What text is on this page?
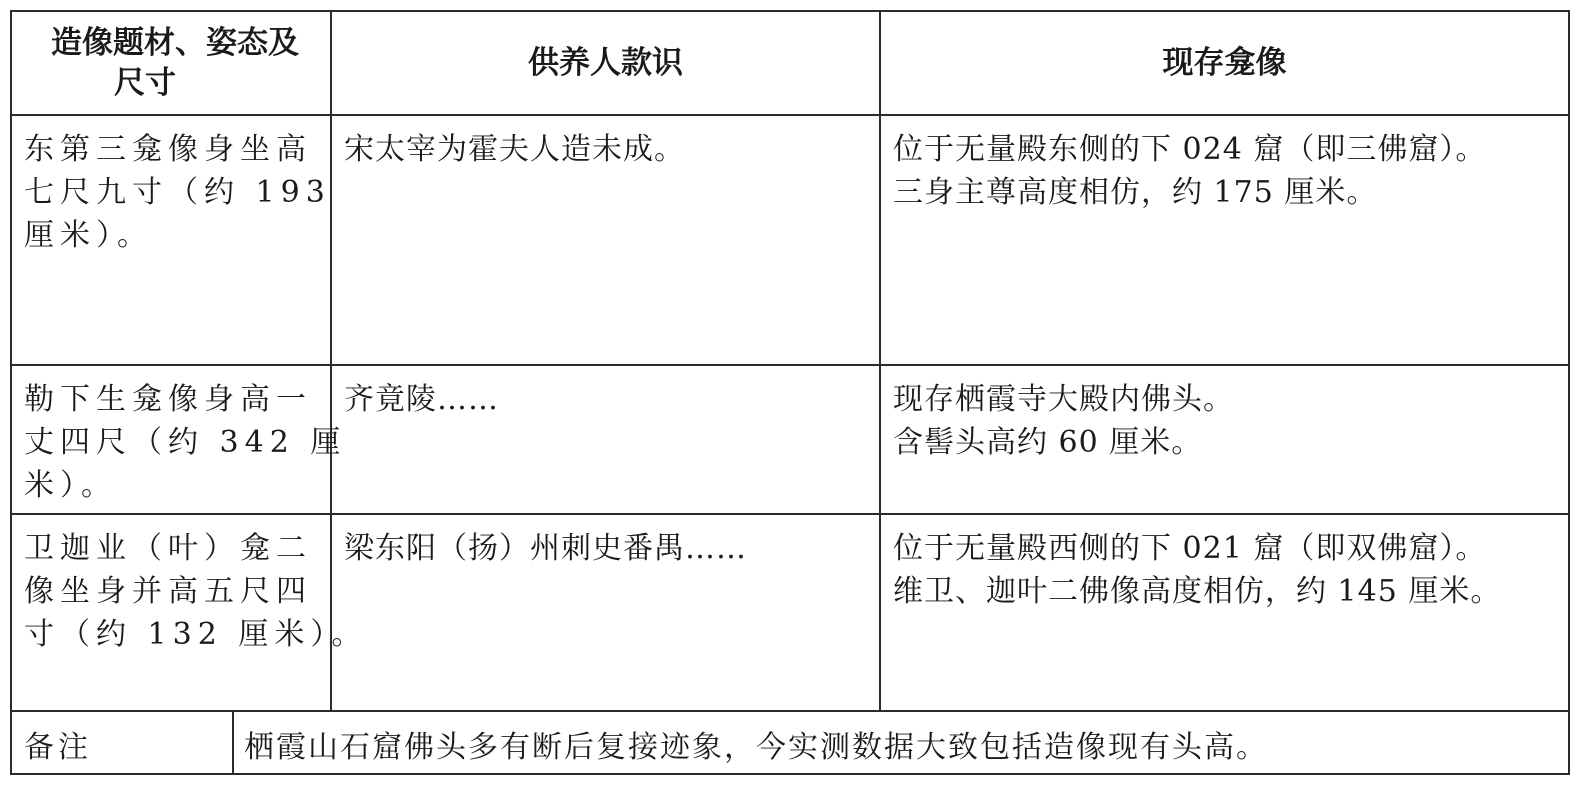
造像题材、姿态及
尺寸		供养人款识	现存龛像

东第三龛像身坐高
七尺九寸（约 193
厘米）。		宋太宰为霍夫人造未成。	位于无量殿东侧的下 024 窟（即三佛窟）。
三身主尊高度相仿，约 175 厘米。

勒下生龛像身高一
丈四尺（约 342 厘
米）。		齐竟陵……	现存栖霞寺大殿内佛头。
含髻头高约 60 厘米。

卫迦业（叶）龛二
像坐身并高五尺四
寸（约 132 厘米）。		梁东阳（扬）州刺史番禺……	位于无量殿西侧的下 021 窟（即双佛窟）。
维卫、迦叶二佛像高度相仿，约 145 厘米。

备注	栖霞山石窟佛头多有断后复接迹象，今实测数据大致包括造像现有头高。		
